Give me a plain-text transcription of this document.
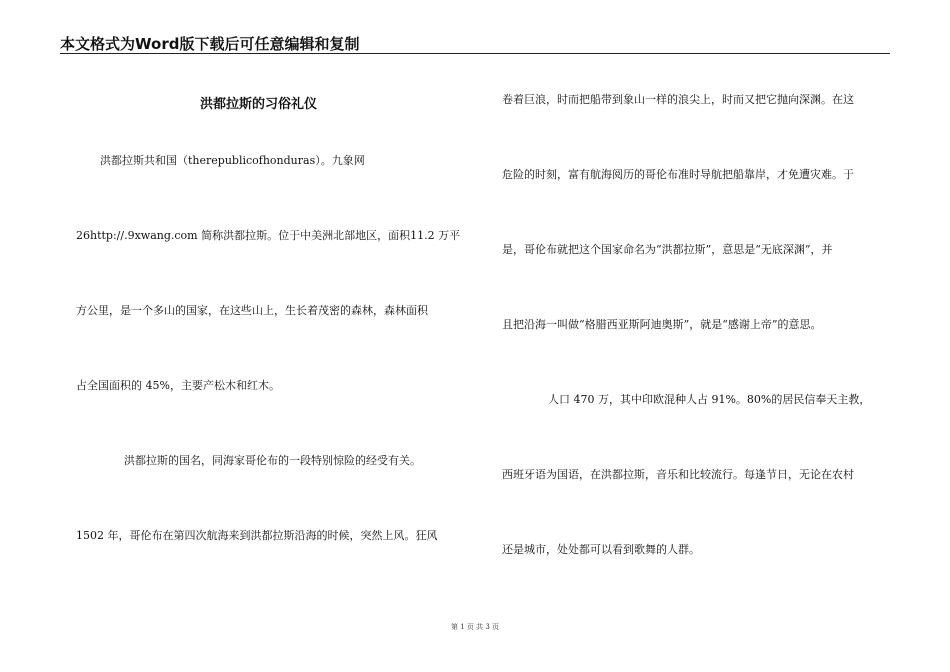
本文格式为Word版下载后可任意编辑和复制
洪都拉斯的习俗礼仪
洪都拉斯共和国（therepublicofhonduras）。九象网
26http://.9xwang.com 简称洪都拉斯。位于中美洲北部地区，面积11.2 万平
方公里，是一个多山的国家，在这些山上，生长着茂密的森林，森林面积
占全国面积的 45%，主要产松木和红木。
洪都拉斯的国名，同海家哥伦布的一段特别惊险的经受有关。
1502 年，哥伦布在第四次航海来到洪都拉斯沿海的时候，突然上风。狂风
卷着巨浪，时而把船带到象山一样的浪尖上，时而又把它抛向深渊。在这
危险的时刻，富有航海阅历的哥伦布准时导航把船靠岸，才免遭灾难。于
是，哥伦布就把这个国家命名为“洪都拉斯”，意思是“无底深渊”，并
且把沿海一叫做“格腊西亚斯阿迪奥斯”，就是“感谢上帝”的意思。
人口 470 万，其中印欧混种人占 91%。80%的居民信奉天主教，
西班牙语为国语，在洪都拉斯，音乐和比较流行。每逢节日，无论在农村
还是城市，处处都可以看到歌舞的人群。
第 1 页 共 3 页
